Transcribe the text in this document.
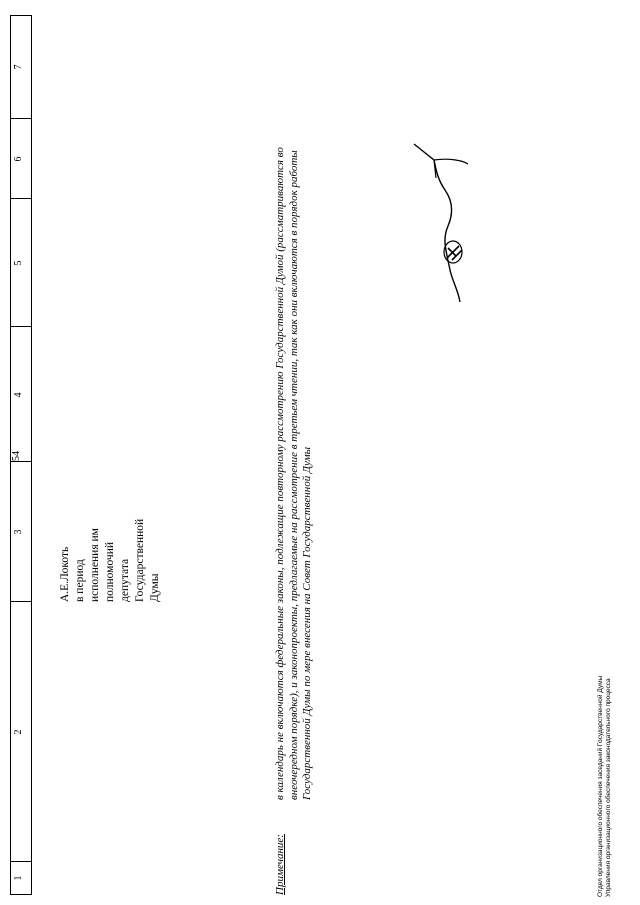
54
1
2
3
4
5
6
7
А.Е.Локоть в период исполнения им полномочий депутата Государственной Думы
Примечание:
в календарь не включаются федеральные законы, подлежащие повторному рассмотрению Государственной Думой (рассматриваются во внеочередном порядке), и законопроекты, предлагаемые на рассмотрение в третьем чтении, так как они включаются в порядок работы Государственной Думы по мере внесения на Совет Государственной Думы	Отдел организационного обеспечения заседаний Государственной Думы Управления организационного обеспечения законодательного процесса
